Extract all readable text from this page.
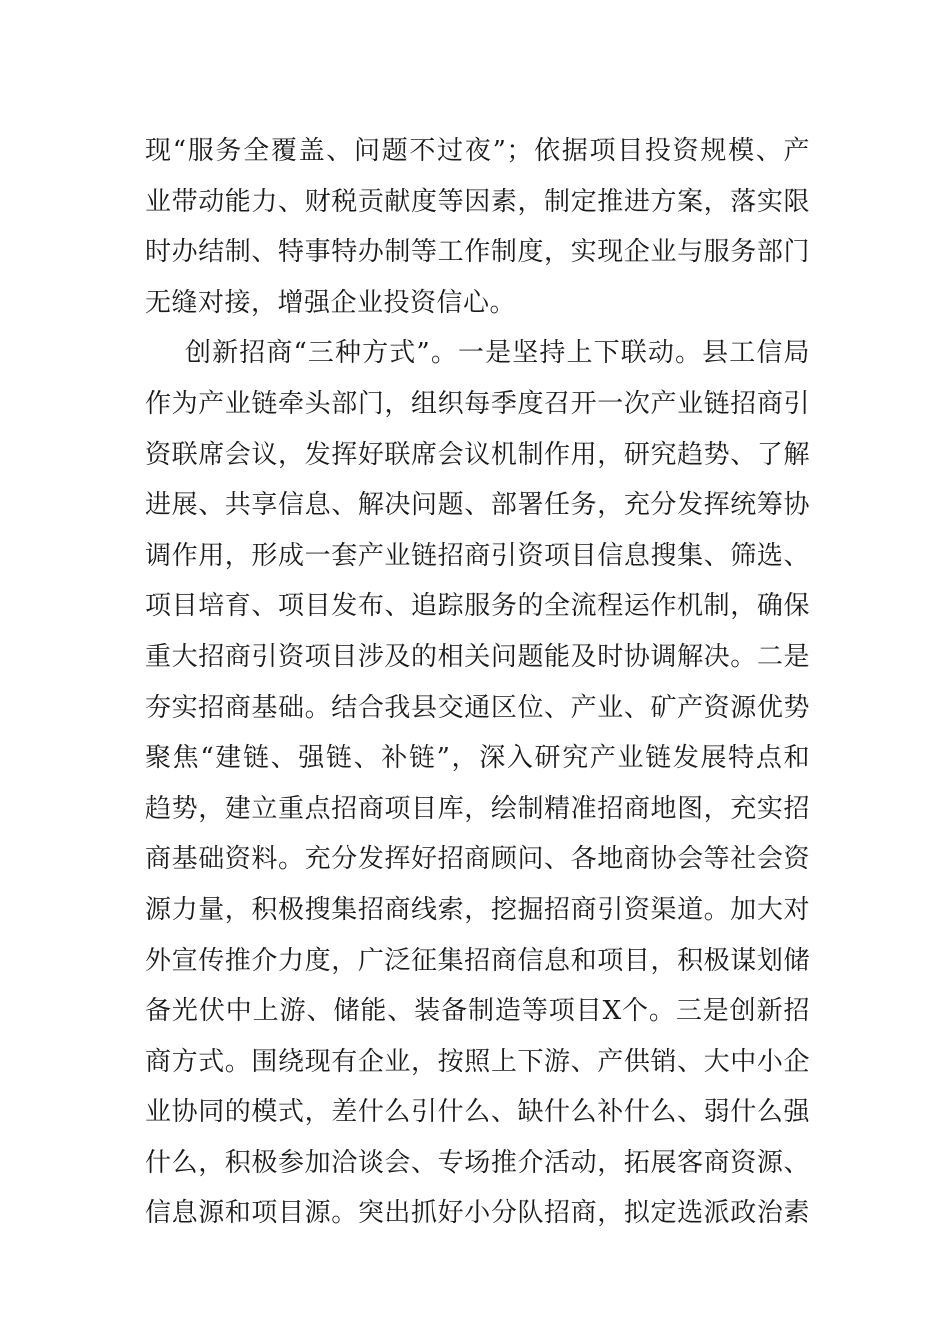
现“服务全覆盖、问题不过夜”；依据项目投资规模、产
业带动能力、财税贡献度等因素，制定推进方案，落实限
时办结制、特事特办制等工作制度，实现企业与服务部门
无缝对接，增强企业投资信心。
创新招商“三种方式”。一是坚持上下联动。县工信局
作为产业链牵头部门，组织每季度召开一次产业链招商引
资联席会议，发挥好联席会议机制作用，研究趋势、了解
进展、共享信息、解决问题、部署任务，充分发挥统筹协
调作用，形成一套产业链招商引资项目信息搜集、筛选、
项目培育、项目发布、追踪服务的全流程运作机制，确保
重大招商引资项目涉及的相关问题能及时协调解决。二是
夯实招商基础。结合我县交通区位、产业、矿产资源优势
聚焦“建链、强链、补链”，深入研究产业链发展特点和
趋势，建立重点招商项目库，绘制精准招商地图，充实招
商基础资料。充分发挥好招商顾问、各地商协会等社会资
源力量，积极搜集招商线索，挖掘招商引资渠道。加大对
外宣传推介力度，广泛征集招商信息和项目，积极谋划储
备光伏中上游、储能、装备制造等项目X个。三是创新招
商方式。围绕现有企业，按照上下游、产供销、大中小企
业协同的模式，差什么引什么、缺什么补什么、弱什么强
什么，积极参加洽谈会、专场推介活动，拓展客商资源、
信息源和项目源。突出抓好小分队招商，拟定选派政治素
